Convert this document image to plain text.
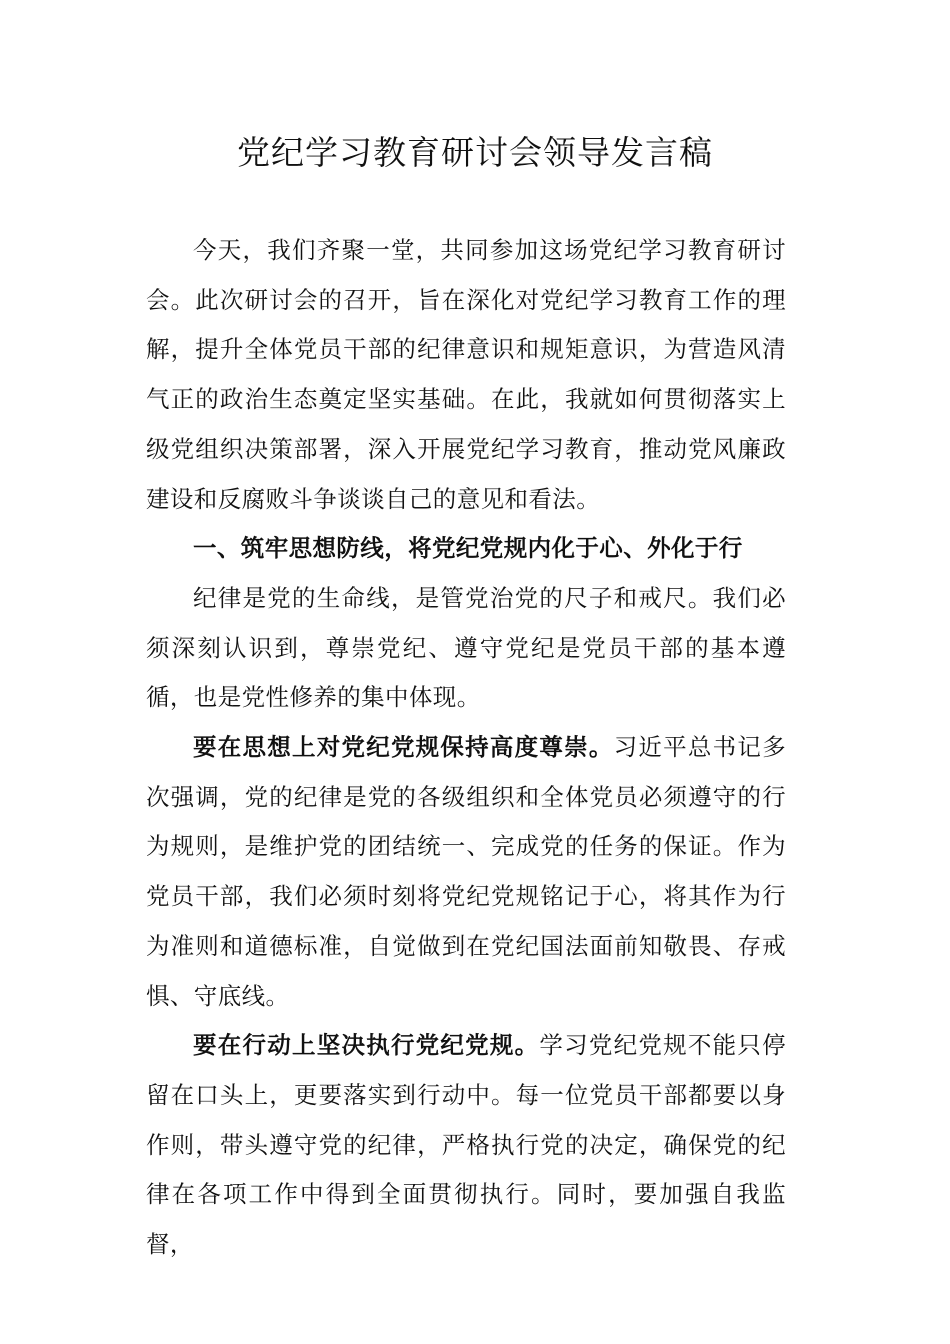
党纪学习教育研讨会领导发言稿

今天，我们齐聚一堂，共同参加这场党纪学习教育研讨会。此次研讨会的召开，旨在深化对党纪学习教育工作的理解，提升全体党员干部的纪律意识和规矩意识，为营造风清气正的政治生态奠定坚实基础。在此，我就如何贯彻落实上级党组织决策部署，深入开展党纪学习教育，推动党风廉政建设和反腐败斗争谈谈自己的意见和看法。

一、筑牢思想防线，将党纪党规内化于心、外化于行

纪律是党的生命线，是管党治党的尺子和戒尺。我们必须深刻认识到，尊崇党纪、遵守党纪是党员干部的基本遵循，也是党性修养的集中体现。

要在思想上对党纪党规保持高度尊崇。习近平总书记多次强调，党的纪律是党的各级组织和全体党员必须遵守的行为规则，是维护党的团结统一、完成党的任务的保证。作为党员干部，我们必须时刻将党纪党规铭记于心，将其作为行为准则和道德标准，自觉做到在党纪国法面前知敬畏、存戒惧、守底线。

要在行动上坚决执行党纪党规。学习党纪党规不能只停留在口头上，更要落实到行动中。每一位党员干部都要以身作则，带头遵守党的纪律，严格执行党的决定，确保党的纪律在各项工作中得到全面贯彻执行。同时，要加强自我监督，
